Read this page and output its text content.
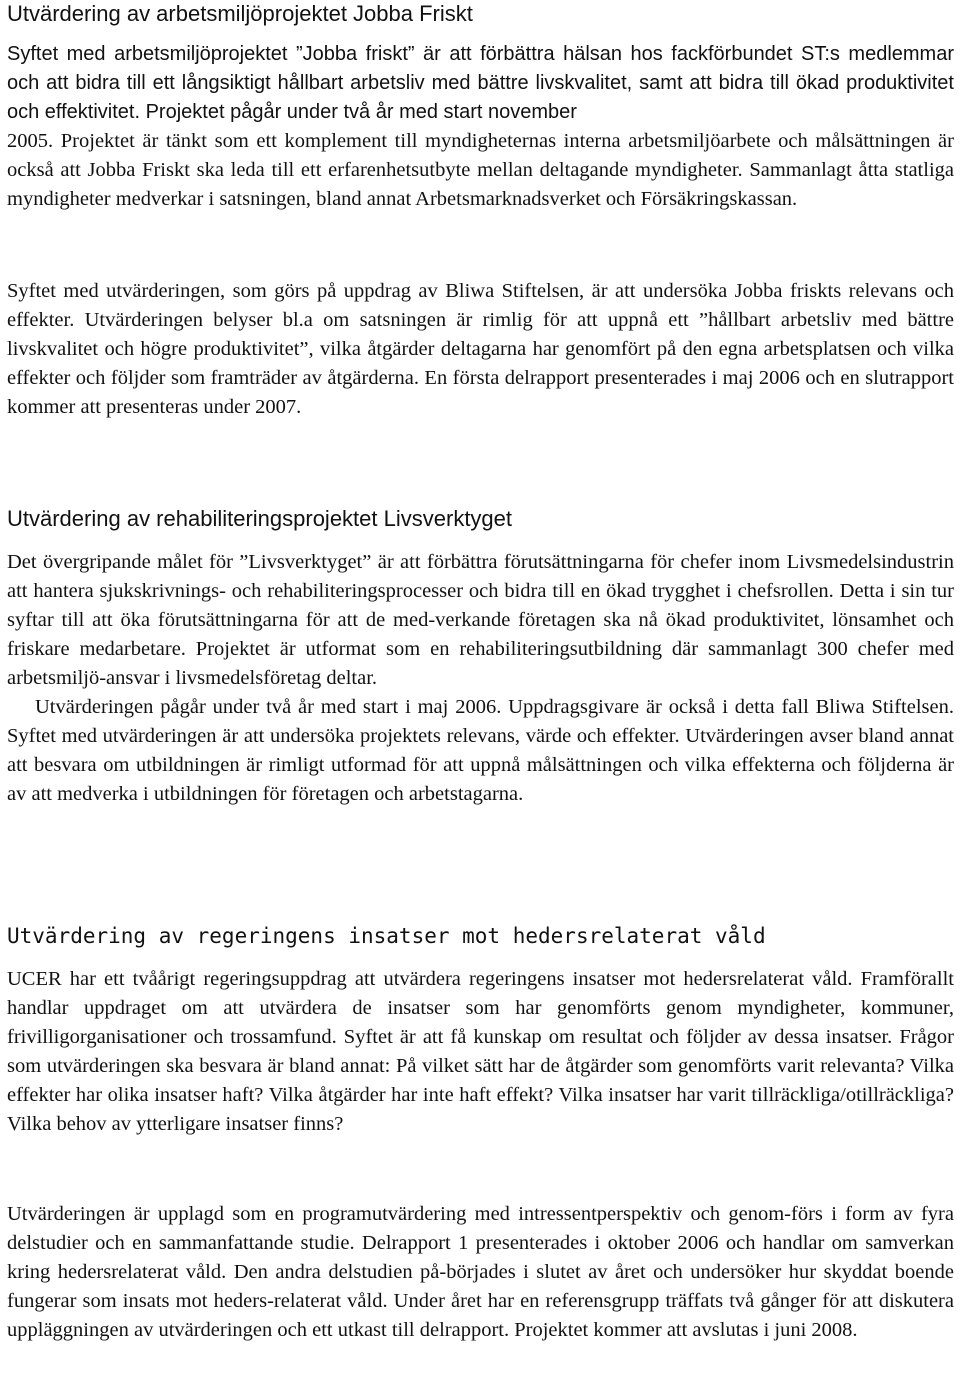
Utvärdering av arbetsmiljöprojektet Jobba Friskt

Syftet med arbetsmiljöprojektet ”Jobba friskt” är att förbättra hälsan hos fackförbundet ST:s medlemmar och att bidra till ett långsiktigt hållbart arbetsliv med bättre livskvalitet, samt att bidra till ökad produktivitet och effektivitet. Projektet pågår under två år med start november

2005. Projektet är tänkt som ett komplement till myndigheternas interna arbetsmiljöarbete och målsättningen är också att Jobba Friskt ska leda till ett erfarenhetsutbyte mellan deltagande myndigheter. Sammanlagt åtta statliga myndigheter medverkar i satsningen, bland annat Arbetsmarknadsverket och Försäkringskassan.

Syftet med utvärderingen, som görs på uppdrag av Bliwa Stiftelsen, är att undersöka Jobba friskts relevans och effekter. Utvärderingen belyser bl.a om satsningen är rimlig för att uppnå ett ”hållbart arbetsliv med bättre livskvalitet och högre produktivitet”, vilka åtgärder deltagarna har genomfört på den egna arbetsplatsen och vilka effekter och följder som framträder av åtgärderna. En första delrapport presenterades i maj 2006 och en slutrapport kommer att presenteras under 2007.

Utvärdering av rehabiliteringsprojektet Livsverktyget

Det övergripande målet för ”Livsverktyget” är att förbättra förutsättningarna för chefer inom Livsmedelsindustrin att hantera sjukskrivnings- och rehabiliteringsprocesser och bidra till en ökad trygghet i chefsrollen. Detta i sin tur syftar till att öka förutsättningarna för att de med-verkande företagen ska nå ökad produktivitet, lönsamhet och friskare medarbetare. Projektet är utformat som en rehabiliteringsutbildning där sammanlagt 300 chefer med arbetsmiljö-ansvar i livsmedelsföretag deltar.

Utvärderingen pågår under två år med start i maj 2006. Uppdragsgivare är också i detta fall Bliwa Stiftelsen. Syftet med utvärderingen är att undersöka projektets relevans, värde och effekter. Utvärderingen avser bland annat att besvara om utbildningen är rimligt utformad för att uppnå målsättningen och vilka effekterna och följderna är av att medverka i utbildningen för företagen och arbetstagarna.

Utvärdering av regeringens insatser mot hedersrelaterat våld

UCER har ett tvåårigt regeringsuppdrag att utvärdera regeringens insatser mot hedersrelaterat våld. Framförallt handlar uppdraget om att utvärdera de insatser som har genomförts genom myndigheter, kommuner, frivilligorganisationer och trossamfund. Syftet är att få kunskap om resultat och följder av dessa insatser. Frågor som utvärderingen ska besvara är bland annat: På vilket sätt har de åtgärder som genomförts varit relevanta? Vilka effekter har olika insatser haft? Vilka åtgärder har inte haft effekt? Vilka insatser har varit tillräckliga/otillräckliga? Vilka behov av ytterligare insatser finns?

Utvärderingen är upplagd som en programutvärdering med intressentperspektiv och genom-förs i form av fyra delstudier och en sammanfattande studie. Delrapport 1 presenterades i oktober 2006 och handlar om samverkan kring hedersrelaterat våld. Den andra delstudien på-börjades i slutet av året och undersöker hur skyddat boende fungerar som insats mot heders-relaterat våld. Under året har en referensgrupp träffats två gånger för att diskutera uppläggningen av utvärderingen och ett utkast till delrapport. Projektet kommer att avslutas i juni 2008.
